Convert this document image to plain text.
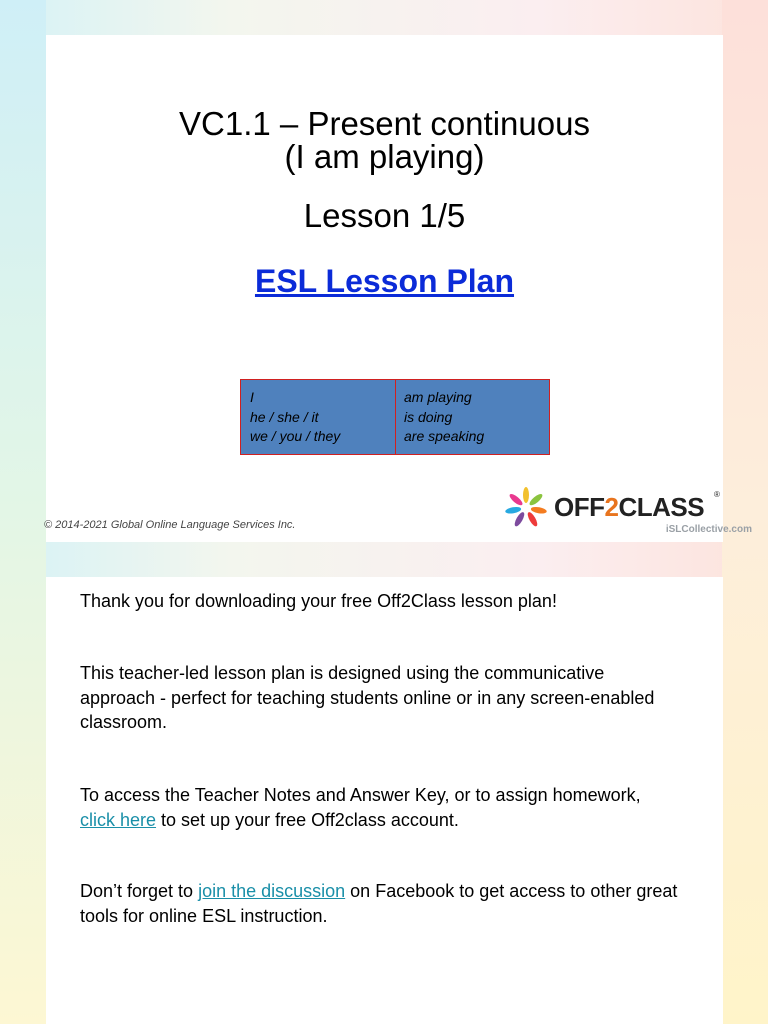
VC1.1 – Present continuous
(I am playing)
Lesson 1/5
ESL Lesson Plan
I
he / she / it
we / you / they
am playing
is doing
are speaking
© 2014-2021 Global Online Language Services Inc.
OFF2CLASS ®
iSLCollective.com
Thank you for downloading your free Off2Class lesson plan!
This teacher-led lesson plan is designed using the communicative approach - perfect for teaching students online or in any screen-enabled classroom.
To access the Teacher Notes and Answer Key, or to assign homework, click here to set up your free Off2class account.
Don’t forget to join the discussion on Facebook to get access to other great tools for online ESL instruction.
